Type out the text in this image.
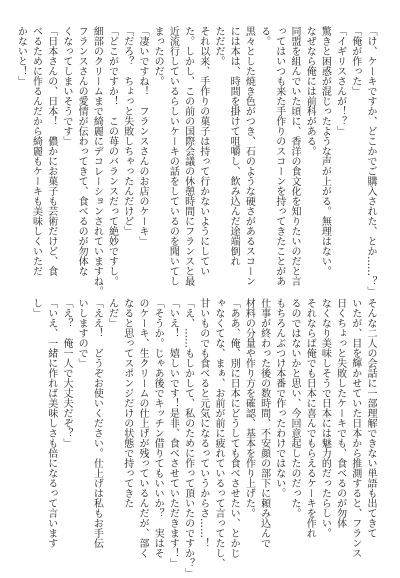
「け、ケーキですか、どこかでご購入された、とか……？」

「俺が作った」

「イギリスさんが！？」

驚きと困惑が混じったような声が上がる。無理はない。

なぜなら俺には前科がある。

同盟を組んでいた頃に、香洋の食文化を知りたいのだと言

ってはいつも来た手作りのスコーンを持ってきたことがあ

る。

黒々とした焼き色がつき、石のような硬さがあるスコーン

には本は、時間を掛けて咀嚼し、飲み込んだ途端倒れ

ただだ。

それ以来、手作りの菓子は持って行かないようにしてい

た。しかし、この前の国際会議の休憩時間にフランスと最

近流行しているらしいケーキの話をしているのを聞いてし

まったのだ。

「凄いですね！　フランスさんのお店のケーキ」

「だろ？　ちょっと失敗しちゃったんだけど」

「どこがですか！　この苺のバランスだって絶妙ですし。

細部のクリームまで綺麗にデコレーションされていますね。

フランスさんの愛情が伝わってきて、食べるのが勿体な

くなってしまいそうです」

「日本さんの、日本！　儂かにお菓子も芸術だけど、食

べるために作るんだから綺麗もケーキも美味しくいただ

かないと！」

そんな二人の会話に一部理解できない単語も出てきて

いたが、目を輝かせていた日本から推測すると、フランス

日くちょっと失敗したケーキでも、食べるのが勿体

なくなり美味しそうで日本には魅力的だったらしい。

それならば俺でも日本に喜んでもらえるケーキを作れ

るのではないかと思い、今回意起したのだった。

もちろんぶつけ本番で作ったわけではない。

仕事が終わった後の数時間、不安顔の部下に頼み込んで

材料の分量や作り方を確認、基本を作り上げた。

「ああ、俺、別に日本にどうしても食べさせたい、とかじ

ゃなくてな、まぁ、お前が前に疲れているって言ってたし、

甘いものでも食べると元気になるっていうからさ……！

「え、……もしかして、私のために作って頂いたのですか？」

「いえ！　嬉しいです！是非、食べさせていただきます！」

「そうか。じゃあ後でキッチン借りてもいいか？　実はそ

のケーキ、生クリームの仕上げが残っているんだが、部く

なると思ってスポンジだけの状態で持ってきた

んだ」

「ええ！　どうぞお使いください。仕上げは私もお手伝

いしますので」

「え？　俺一人で大丈夫だぞ？」

「いえ、一緒に作れば美味しさも倍になるって言います

し」
